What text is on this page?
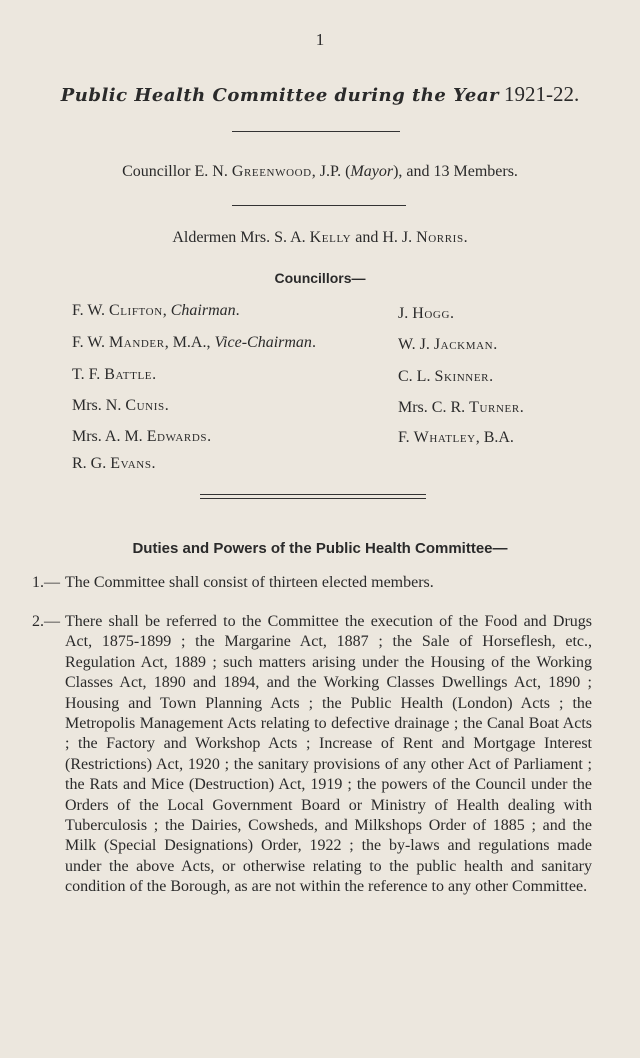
1
Public Health Committee during the Year 1921-22.
Councillor E. N. Greenwood, J.P. (Mayor), and 13 Members.
Aldermen Mrs. S. A. Kelly and H. J. Norris.
Councillors—
F. W. Clifton, Chairman.
F. W. Mander, M.A., Vice-Chairman.
T. F. Battle.
Mrs. N. Cunis.
Mrs. A. M. Edwards.
R. G. Evans.
J. Hogg.
W. J. Jackman.
C. L. Skinner.
Mrs. C. R. Turner.
F. Whatley, B.A.
Duties and Powers of the Public Health Committee—
1.— The Committee shall consist of thirteen elected members.
2.— There shall be referred to the Committee the execution of the Food and Drugs Act, 1875-1899 ; the Margarine Act, 1887 ; the Sale of Horseflesh, etc., Regulation Act, 1889 ; such matters arising under the Housing of the Working Classes Act, 1890 and 1894, and the Working Classes Dwellings Act, 1890 ; Housing and Town Planning Acts ; the Public Health (London) Acts ; the Metropolis Management Acts relating to defective drainage ; the Canal Boat Acts ; the Factory and Workshop Acts ; Increase of Rent and Mortgage Interest (Restrictions) Act, 1920 ; the sanitary provisions of any other Act of Parliament ; the Rats and Mice (Destruction) Act, 1919 ; the powers of the Council under the Orders of the Local Government Board or Ministry of Health dealing with Tuberculosis ; the Dairies, Cowsheds, and Milkshops Order of 1885 ; and the Milk (Special Designations) Order, 1922 ; the by-laws and regulations made under the above Acts, or otherwise relating to the public health and sanitary condition of the Borough, as are not within the reference to any other Committee.
